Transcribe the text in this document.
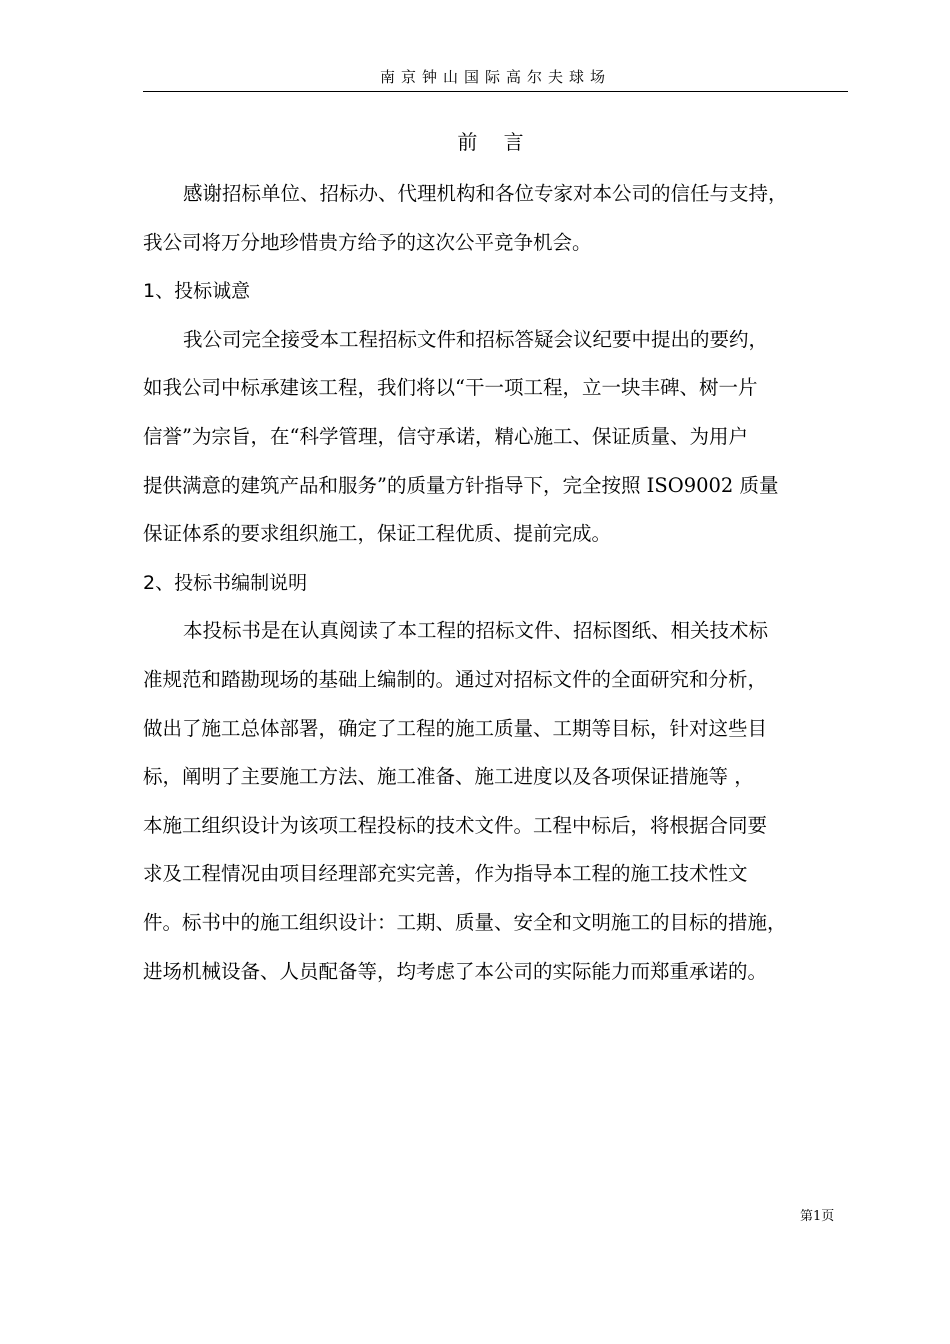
南京钟山国际高尔夫球场
前 言
感谢招标单位、招标办、代理机构和各位专家对本公司的信任与支持，
我公司将万分地珍惜贵方给予的这次公平竞争机会。
1、投标诚意
我公司完全接受本工程招标文件和招标答疑会议纪要中提出的要约，
如我公司中标承建该工程，我们将以“干一项工程，立一块丰碑、树一片
信誉”为宗旨，在“科学管理，信守承诺，精心施工、保证质量、为用户
提供满意的建筑产品和服务”的质量方针指导下，完全按照 ISO9002 质量
保证体系的要求组织施工，保证工程优质、提前完成。
2、投标书编制说明
本投标书是在认真阅读了本工程的招标文件、招标图纸、相关技术标
准规范和踏勘现场的基础上编制的。通过对招标文件的全面研究和分析，
做出了施工总体部署，确定了工程的施工质量、工期等目标，针对这些目
标，阐明了主要施工方法、施工准备、施工进度以及各项保证措施等 ，
本施工组织设计为该项工程投标的技术文件。工程中标后，将根据合同要
求及工程情况由项目经理部充实完善，作为指导本工程的施工技术性文
件。标书中的施工组织设计：工期、质量、安全和文明施工的目标的措施，
进场机械设备、人员配备等，均考虑了本公司的实际能力而郑重承诺的。
第1页
